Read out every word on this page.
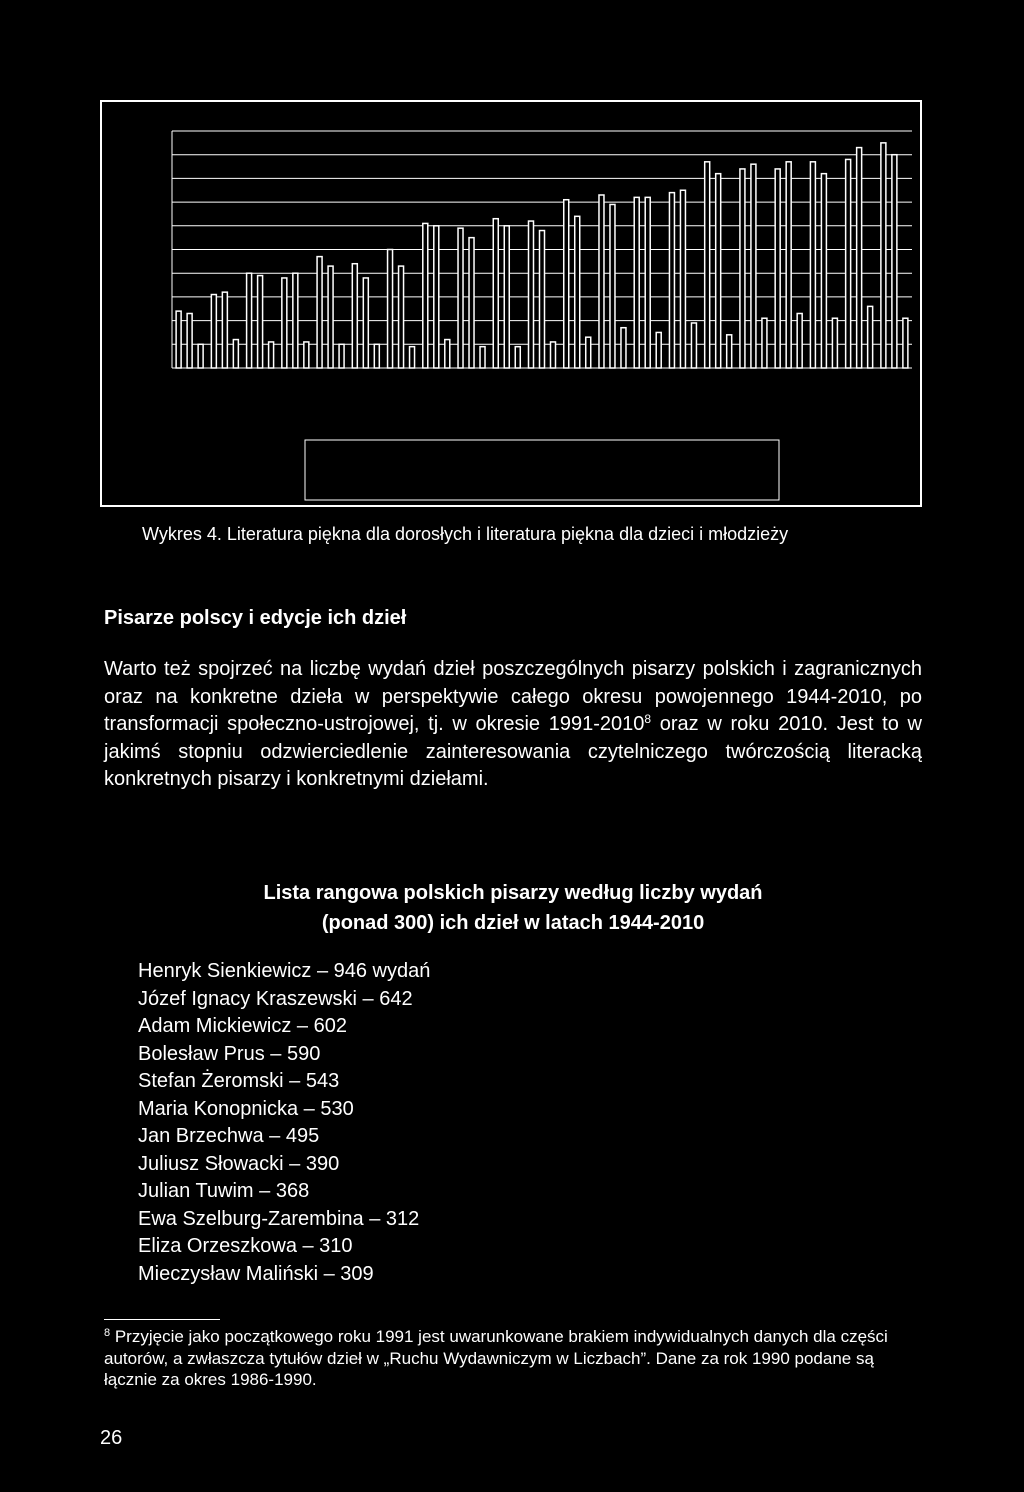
Wykres 4. Literatura piękna dla dorosłych i literatura piękna dla dzieci i młodzieży
Pisarze polscy i edycje ich dzieł
Warto też spojrzeć na liczbę wydań dzieł poszczególnych pisarzy polskich i zagranicznych oraz na konkretne dzieła w perspektywie całego okresu powojennego 1944-2010, po transformacji społeczno-ustrojowej, tj. w okresie 1991-2010$^8$ oraz w roku 2010. Jest to w jakimś stopniu odzwierciedlenie zainteresowania czytelniczego twórczością literacką konkretnych pisarzy i konkretnymi dziełami.
Lista rangowa polskich pisarzy według liczby wydań
(ponad 300) ich dzieł w latach 1944-2010
Henryk Sienkiewicz – 946 wydań
Józef Ignacy Kraszewski – 642
Adam Mickiewicz – 602
Bolesław Prus – 590
Stefan Żeromski – 543
Maria Konopnicka – 530
Jan Brzechwa – 495
Juliusz Słowacki – 390
Julian Tuwim – 368
Ewa Szelburg-Zarembina – 312
Eliza Orzeszkowa – 310
Mieczysław Maliński – 309
$^8$ Przyjęcie jako początkowego roku 1991 jest uwarunkowane brakiem indywidualnych danych dla części autorów, a zwłaszcza tytułów dzieł w „Ruchu Wydawniczym w Liczbach”. Dane za rok 1990 podane są łącznie za okres 1986-1990.
26
